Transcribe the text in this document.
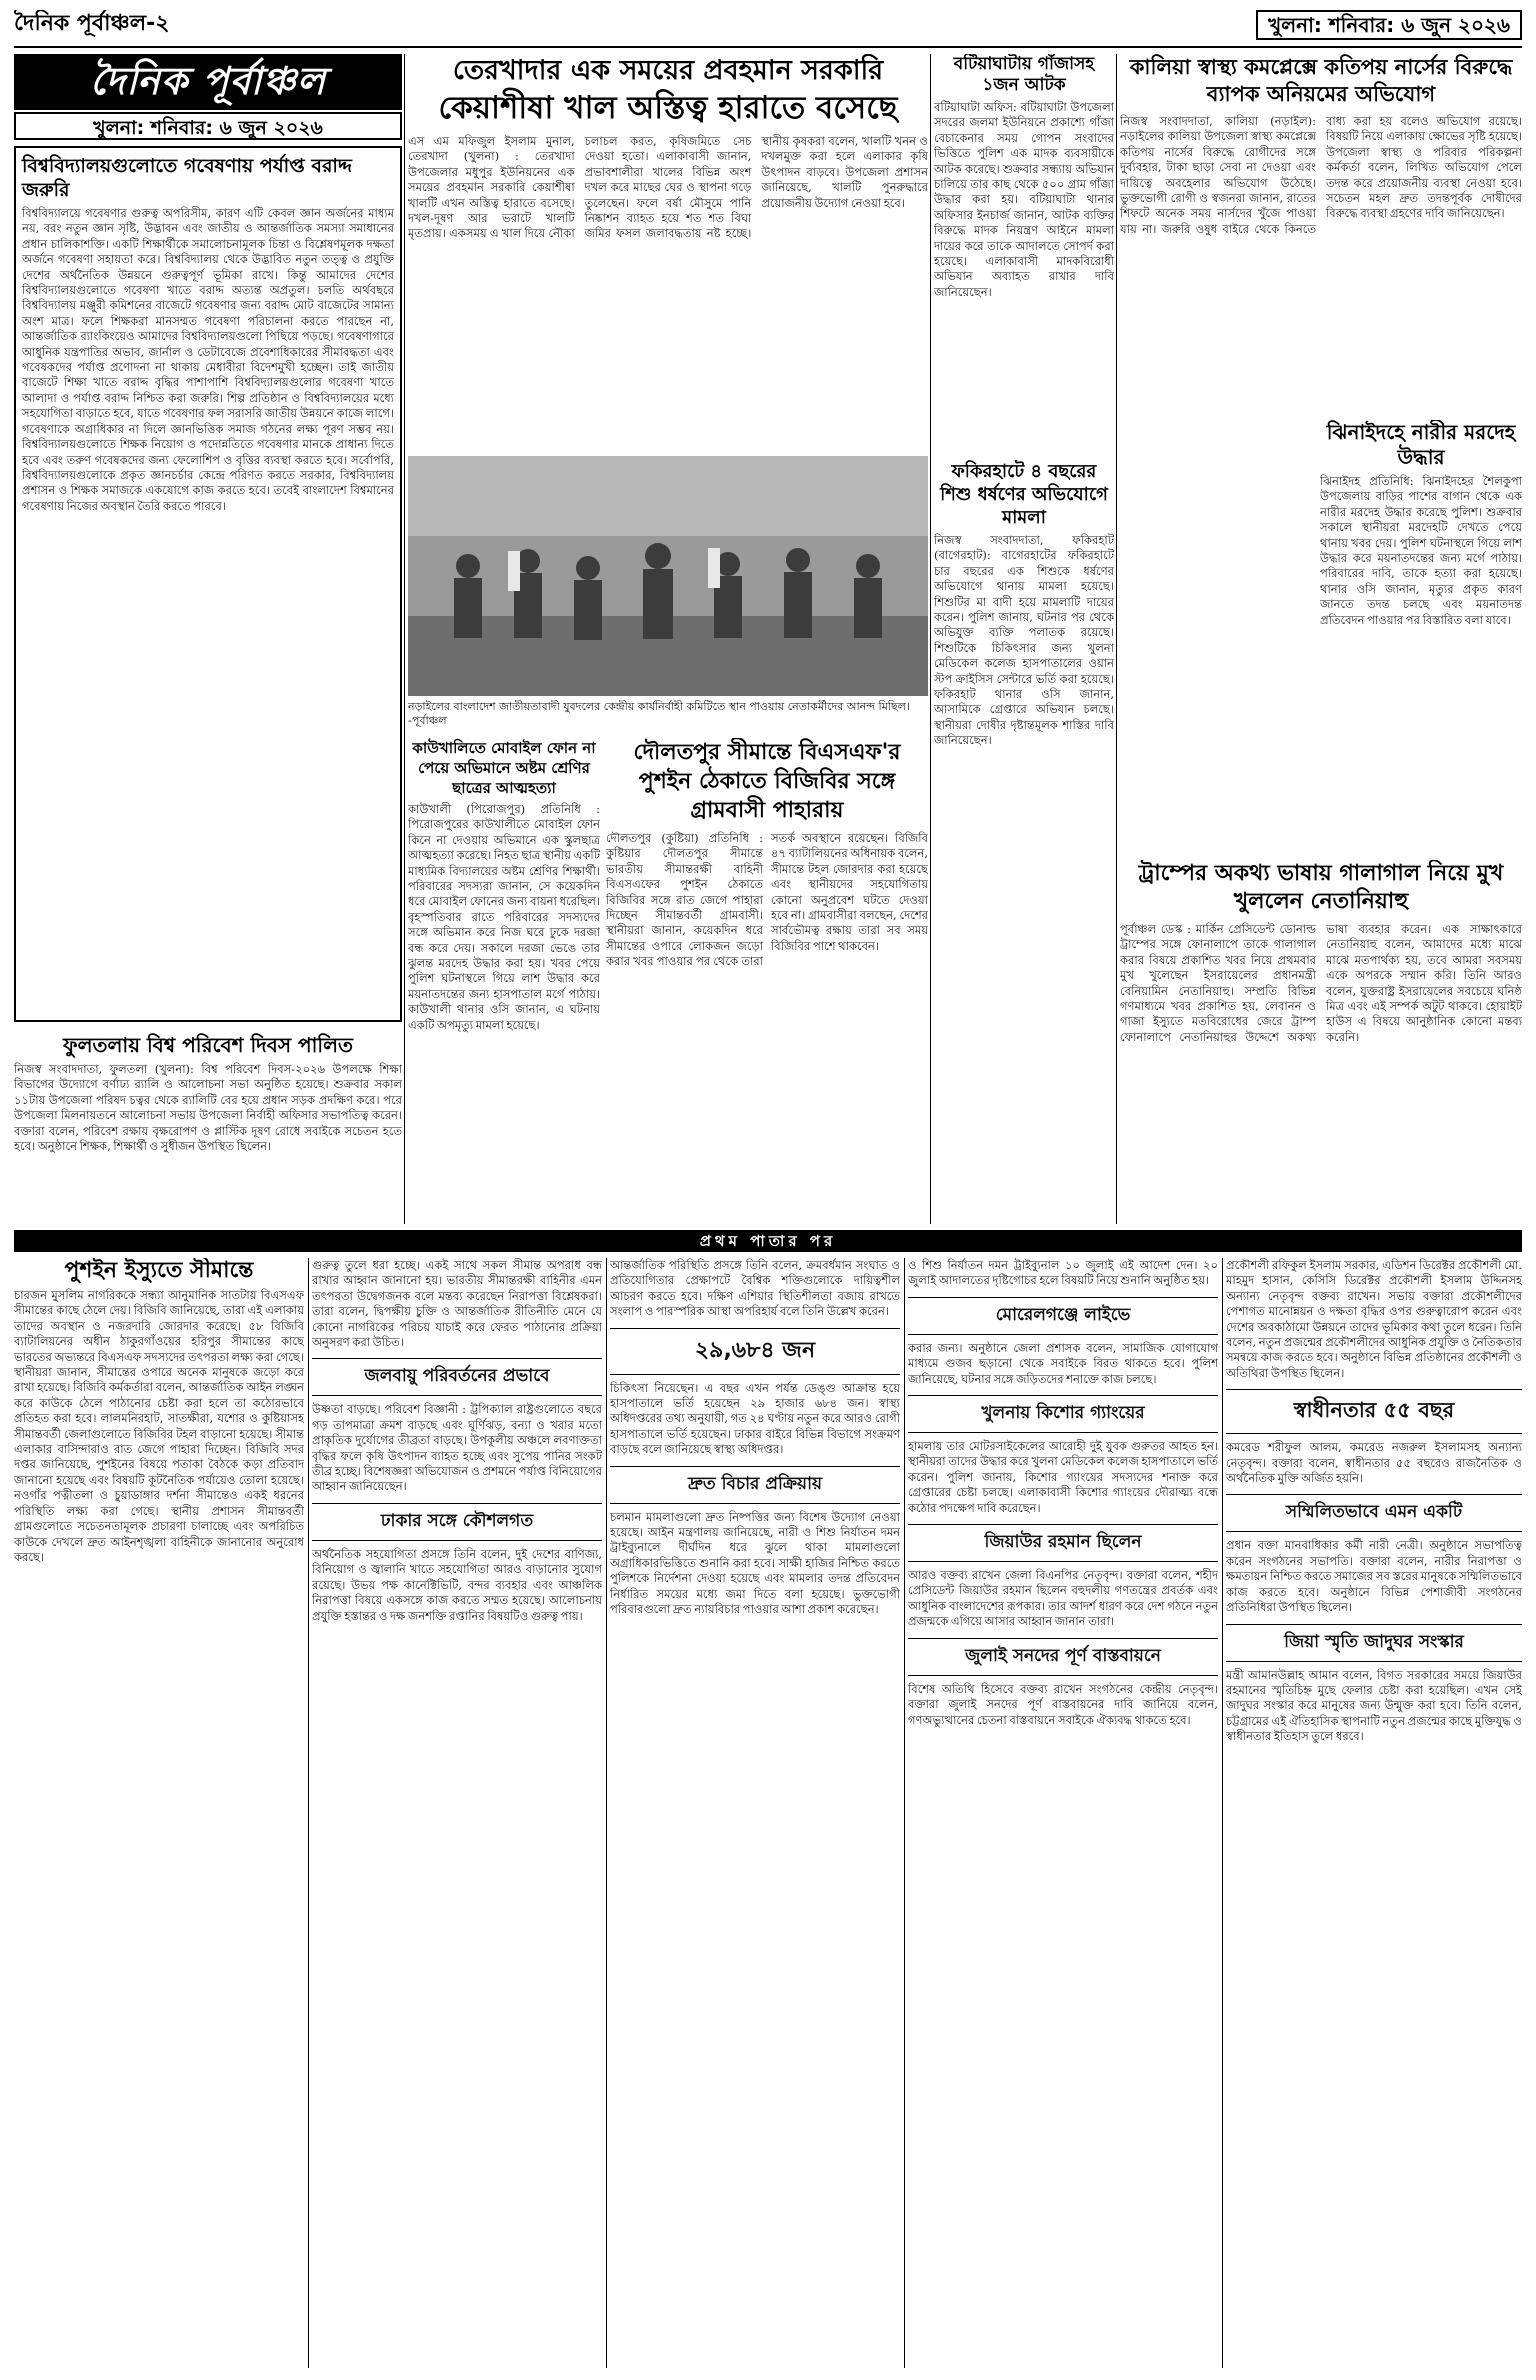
দৈনিক পূর্বাঞ্চল-২	খুলনা: শনিবার: ৬ জুন ২০২৬
দৈনিক পূর্বাঞ্চল
খুলনা: শনিবার: ৬ জুন ২০২৬
বিশ্ববিদ্যালয়গুলোতে গবেষণায় পর্যাপ্ত বরাদ্দ জরুরি
বিশ্ববিদ্যালয়ে গবেষণার গুরুত্ব অপরিসীম, কারণ এটি কেবল জ্ঞান অর্জনের মাধ্যম নয়, বরং নতুন জ্ঞান সৃষ্টি, উদ্ভাবন এবং জাতীয় ও আন্তর্জাতিক সমস্যা সমাধানের প্রধান চালিকাশক্তি। একটি শিক্ষার্থীকে সমালোচনামূলক চিন্তা ও বিশ্লেষণমূলক দক্ষতা অর্জনে গবেষণা সহায়তা করে। বিশ্ববিদ্যালয় থেকে উদ্ভাবিত নতুন তত্ত্ব ও প্রযুক্তি দেশের অর্থনৈতিক উন্নয়নে গুরুত্বপূর্ণ ভূমিকা রাখে। কিন্তু আমাদের দেশের বিশ্ববিদ্যালয়গুলোতে গবেষণা খাতে বরাদ্দ অত্যন্ত অপ্রতুল। চলতি অর্থবছরে বিশ্ববিদ্যালয় মঞ্জুরী কমিশনের বাজেটে গবেষণার জন্য বরাদ্দ মোট বাজেটের সামান্য অংশ মাত্র। ফলে শিক্ষকরা মানসম্মত গবেষণা পরিচালনা করতে পারছেন না, আন্তর্জাতিক র‍্যাংকিংয়েও আমাদের বিশ্ববিদ্যালয়গুলো পিছিয়ে পড়ছে। গবেষণাগারে আধুনিক যন্ত্রপাতির অভাব, জার্নাল ও ডেটাবেজে প্রবেশাধিকারের সীমাবদ্ধতা এবং গবেষকদের পর্যাপ্ত প্রণোদনা না থাকায় মেধাবীরা বিদেশমুখী হচ্ছেন। তাই জাতীয় বাজেটে শিক্ষা খাতে বরাদ্দ বৃদ্ধির পাশাপাশি বিশ্ববিদ্যালয়গুলোর গবেষণা খাতে আলাদা ও পর্যাপ্ত বরাদ্দ নিশ্চিত করা জরুরি। শিল্প প্রতিষ্ঠান ও বিশ্ববিদ্যালয়ের মধ্যে সহযোগিতা বাড়াতে হবে, যাতে গবেষণার ফল সরাসরি জাতীয় উন্নয়নে কাজে লাগে। গবেষণাকে অগ্রাধিকার না দিলে জ্ঞানভিত্তিক সমাজ গঠনের লক্ষ্য পূরণ সম্ভব নয়। বিশ্ববিদ্যালয়গুলোতে শিক্ষক নিয়োগ ও পদোন্নতিতে গবেষণার মানকে প্রাধান্য দিতে হবে এবং তরুণ গবেষকদের জন্য ফেলোশিপ ও বৃত্তির ব্যবস্থা করতে হবে। সর্বোপরি, বিশ্ববিদ্যালয়গুলোকে প্রকৃত জ্ঞানচর্চার কেন্দ্রে পরিণত করতে সরকার, বিশ্ববিদ্যালয় প্রশাসন ও শিক্ষক সমাজকে একযোগে কাজ করতে হবে। তবেই বাংলাদেশ বিশ্বমানের গবেষণায় নিজের অবস্থান তৈরি করতে পারবে।
ফুলতলায় বিশ্ব পরিবেশ দিবস পালিত
নিজস্ব সংবাদদাতা, ফুলতলা (খুলনা): বিশ্ব পরিবেশ দিবস-২০২৬ উপলক্ষে শিক্ষা বিভাগের উদ্যোগে বর্ণাঢ্য র‍্যালি ও আলোচনা সভা অনুষ্ঠিত হয়েছে। শুক্রবার সকাল ১১টায় উপজেলা পরিষদ চত্বর থেকে র‍্যালিটি বের হয়ে প্রধান সড়ক প্রদক্ষিণ করে। পরে উপজেলা মিলনায়তনে আলোচনা সভায় উপজেলা নির্বাহী অফিসার সভাপতিত্ব করেন। বক্তারা বলেন, পরিবেশ রক্ষায় বৃক্ষরোপণ ও প্লাস্টিক দূষণ রোধে সবাইকে সচেতন হতে হবে। অনুষ্ঠানে শিক্ষক, শিক্ষার্থী ও সুধীজন উপস্থিত ছিলেন।
তেরখাদার এক সময়ের প্রবহমান সরকারি
কেয়াশীষা খাল অস্তিত্ব হারাতে বসেছে
এস এম মফিজুল ইসলাম মুনাল, তেরখাদা (খুলনা) : তেরখাদা উপজেলার মধুপুর ইউনিয়নের এক সময়ের প্রবহমান সরকারি কেয়াশীষা খালটি এখন অস্তিত্ব হারাতে বসেছে। দখল-দূষণ আর ভরাটে খালটি মৃতপ্রায়। একসময় এ খাল দিয়ে নৌকা চলাচল করত, কৃষিজমিতে সেচ দেওয়া হতো। এলাকাবাসী জানান, প্রভাবশালীরা খালের বিভিন্ন অংশ দখল করে মাছের ঘের ও স্থাপনা গড়ে তুলেছেন। ফলে বর্ষা মৌসুমে পানি নিষ্কাশন ব্যাহত হয়ে শত শত বিঘা জমির ফসল জলাবদ্ধতায় নষ্ট হচ্ছে। স্থানীয় কৃষকরা বলেন, খালটি খনন ও দখলমুক্ত করা হলে এলাকার কৃষি উৎপাদন বাড়বে। উপজেলা প্রশাসন জানিয়েছে, খালটি পুনরুদ্ধারে প্রয়োজনীয় উদ্যোগ নেওয়া হবে।
নড়াইলের বাংলাদেশ জাতীয়তাবাদী যুবদলের কেন্দ্রীয় কার্যনির্বাহী কমিটিতে স্থান পাওয়ায় নেতাকর্মীদের আনন্দ মিছিল। -পূর্বাঞ্চল
কাউখালিতে মোবাইল ফোন না পেয়ে অভিমানে অষ্টম শ্রেণির ছাত্রের আত্মহত্যা
কাউখালী (পিরোজপুর) প্রতিনিধি : পিরোজপুরের কাউখালীতে মোবাইল ফোন কিনে না দেওয়ায় অভিমানে এক স্কুলছাত্র আত্মহত্যা করেছে। নিহত ছাত্র স্থানীয় একটি মাধ্যমিক বিদ্যালয়ের অষ্টম শ্রেণির শিক্ষার্থী। পরিবারের সদস্যরা জানান, সে কয়েকদিন ধরে মোবাইল ফোনের জন্য বায়না ধরেছিল। বৃহস্পতিবার রাতে পরিবারের সদস্যদের সঙ্গে অভিমান করে নিজ ঘরে ঢুকে দরজা বন্ধ করে দেয়। সকালে দরজা ভেঙে তার ঝুলন্ত মরদেহ উদ্ধার করা হয়। খবর পেয়ে পুলিশ ঘটনাস্থলে গিয়ে লাশ উদ্ধার করে ময়নাতদন্তের জন্য হাসপাতাল মর্গে পাঠায়। কাউখালী থানার ওসি জানান, এ ঘটনায় একটি অপমৃত্যু মামলা হয়েছে।
দৌলতপুর সীমান্তে বিএসএফ'র পুশইন ঠেকাতে বিজিবির সঙ্গে গ্রামবাসী পাহারায়
দৌলতপুর (কুষ্টিয়া) প্রতিনিধি : কুষ্টিয়ার দৌলতপুর সীমান্তে ভারতীয় সীমান্তরক্ষী বাহিনী বিএসএফের পুশইন ঠেকাতে বিজিবির সঙ্গে রাত জেগে পাহারা দিচ্ছেন সীমান্তবর্তী গ্রামবাসী। স্থানীয়রা জানান, কয়েকদিন ধরে সীমান্তের ওপারে লোকজন জড়ো করার খবর পাওয়ার পর থেকে তারা সতর্ক অবস্থানে রয়েছেন। বিজিবি ৪৭ ব্যাটালিয়নের অধিনায়ক বলেন, সীমান্তে টহল জোরদার করা হয়েছে এবং স্থানীয়দের সহযোগিতায় কোনো অনুপ্রবেশ ঘটতে দেওয়া হবে না। গ্রামবাসীরা বলছেন, দেশের সার্বভৌমত্ব রক্ষায় তারা সব সময় বিজিবির পাশে থাকবেন।
বটিয়াঘাটায় গাঁজাসহ ১জন আটক
বটিয়াঘাটা অফিস: বটিয়াঘাটা উপজেলা সদরের জলমা ইউনিয়নে প্রকাশ্যে গাঁজা বেচাকেনার সময় গোপন সংবাদের ভিত্তিতে পুলিশ এক মাদক ব্যবসায়ীকে আটক করেছে। শুক্রবার সন্ধ্যায় অভিযান চালিয়ে তার কাছ থেকে ৫০০ গ্রাম গাঁজা উদ্ধার করা হয়। বটিয়াঘাটা থানার অফিসার ইনচার্জ জানান, আটক ব্যক্তির বিরুদ্ধে মাদক নিয়ন্ত্রণ আইনে মামলা দায়ের করে তাকে আদালতে সোপর্দ করা হয়েছে। এলাকাবাসী মাদকবিরোধী অভিযান অব্যাহত রাখার দাবি জানিয়েছেন।
ফকিরহাটে ৪ বছরের শিশু ধর্ষণের অভিযোগে মামলা
নিজস্ব সংবাদদাতা, ফকিরহাট (বাগেরহাট): বাগেরহাটের ফকিরহাটে চার বছরের এক শিশুকে ধর্ষণের অভিযোগে থানায় মামলা হয়েছে। শিশুটির মা বাদী হয়ে মামলাটি দায়ের করেন। পুলিশ জানায়, ঘটনার পর থেকে অভিযুক্ত ব্যক্তি পলাতক রয়েছে। শিশুটিকে চিকিৎসার জন্য খুলনা মেডিকেল কলেজ হাসপাতালের ওয়ান স্টপ ক্রাইসিস সেন্টারে ভর্তি করা হয়েছে। ফকিরহাট থানার ওসি জানান, আসামিকে গ্রেপ্তারে অভিযান চলছে। স্থানীয়রা দোষীর দৃষ্টান্তমূলক শাস্তির দাবি জানিয়েছেন।
কালিয়া স্বাস্থ্য কমপ্লেক্সে কতিপয় নার্সের বিরুদ্ধে ব্যাপক অনিয়মের অভিযোগ
নিজস্ব সংবাদদাতা, কালিয়া (নড়াইল): নড়াইলের কালিয়া উপজেলা স্বাস্থ্য কমপ্লেক্সে কতিপয় নার্সের বিরুদ্ধে রোগীদের সঙ্গে দুর্ব্যবহার, টাকা ছাড়া সেবা না দেওয়া এবং দায়িত্বে অবহেলার অভিযোগ উঠেছে। ভুক্তভোগী রোগী ও স্বজনরা জানান, রাতের শিফটে অনেক সময় নার্সদের খুঁজে পাওয়া যায় না। জরুরি ওষুধ বাইরে থেকে কিনতে বাধ্য করা হয় বলেও অভিযোগ রয়েছে। বিষয়টি নিয়ে এলাকায় ক্ষোভের সৃষ্টি হয়েছে। উপজেলা স্বাস্থ্য ও পরিবার পরিকল্পনা কর্মকর্তা বলেন, লিখিত অভিযোগ পেলে তদন্ত করে প্রয়োজনীয় ব্যবস্থা নেওয়া হবে। সচেতন মহল দ্রুত তদন্তপূর্বক দোষীদের বিরুদ্ধে ব্যবস্থা গ্রহণের দাবি জানিয়েছেন।
ঝিনাইদহে নারীর মরদেহ উদ্ধার
ঝিনাইদহ প্রতিনিধি: ঝিনাইদহের শৈলকুপা উপজেলায় বাড়ির পাশের বাগান থেকে এক নারীর মরদেহ উদ্ধার করেছে পুলিশ। শুক্রবার সকালে স্থানীয়রা মরদেহটি দেখতে পেয়ে থানায় খবর দেয়। পুলিশ ঘটনাস্থলে গিয়ে লাশ উদ্ধার করে ময়নাতদন্তের জন্য মর্গে পাঠায়। পরিবারের দাবি, তাকে হত্যা করা হয়েছে। থানার ওসি জানান, মৃত্যুর প্রকৃত কারণ জানতে তদন্ত চলছে এবং ময়নাতদন্ত প্রতিবেদন পাওয়ার পর বিস্তারিত বলা যাবে।
ট্রাম্পের অকথ্য ভাষায় গালাগাল নিয়ে মুখ খুললেন নেতানিয়াহু
পূর্বাঞ্চল ডেস্ক : মার্কিন প্রেসিডেন্ট ডোনাল্ড ট্রাম্পের সঙ্গে ফোনালাপে তাকে গালাগাল করার বিষয়ে প্রকাশিত খবর নিয়ে প্রথমবার মুখ খুলেছেন ইসরায়েলের প্রধানমন্ত্রী বেনিয়ামিন নেতানিয়াহু। সম্প্রতি বিভিন্ন গণমাধ্যমে খবর প্রকাশিত হয়, লেবানন ও গাজা ইস্যুতে মতবিরোধের জেরে ট্রাম্প ফোনালাপে নেতানিয়াহুর উদ্দেশে অকথ্য ভাষা ব্যবহার করেন। এক সাক্ষাৎকারে নেতানিয়াহু বলেন, আমাদের মধ্যে মাঝে মাঝে মতপার্থক্য হয়, তবে আমরা সবসময় একে অপরকে সম্মান করি। তিনি আরও বলেন, যুক্তরাষ্ট্র ইসরায়েলের সবচেয়ে ঘনিষ্ঠ মিত্র এবং এই সম্পর্ক অটুট থাকবে। হোয়াইট হাউস এ বিষয়ে আনুষ্ঠানিক কোনো মন্তব্য করেনি।
প্রথম পাতার পর
পুশইন ইস্যুতে সীমান্তে
চারজন মুসলিম নাগরিককে সন্ধ্যা আনুমানিক সাতটায় বিএসএফ সীমান্তের কাছে ঠেলে দেয়। বিজিবি জানিয়েছে, তারা এই এলাকায় তাদের অবস্থান ও নজরদারি জোরদার করেছে। ৫৮ বিজিবি ব্যাটালিয়নের অধীন ঠাকুরগাঁওয়ের হরিপুর সীমান্তের কাছে ভারতের অভ্যন্তরে বিএসএফ সদস্যদের তৎপরতা লক্ষ্য করা গেছে। স্থানীয়রা জানান, সীমান্তের ওপারে অনেক মানুষকে জড়ো করে রাখা হয়েছে। বিজিবি কর্মকর্তারা বলেন, আন্তর্জাতিক আইন লঙ্ঘন করে কাউকে ঠেলে পাঠানোর চেষ্টা করা হলে তা কঠোরভাবে প্রতিহত করা হবে। লালমনিরহাট, সাতক্ষীরা, যশোর ও কুষ্টিয়াসহ সীমান্তবর্তী জেলাগুলোতে বিজিবির টহল বাড়ানো হয়েছে। সীমান্ত এলাকার বাসিন্দারাও রাত জেগে পাহারা দিচ্ছেন। বিজিবি সদর দপ্তর জানিয়েছে, পুশইনের বিষয়ে পতাকা বৈঠকে কড়া প্রতিবাদ জানানো হয়েছে এবং বিষয়টি কূটনৈতিক পর্যায়েও তোলা হয়েছে। নওগাঁর পত্নীতলা ও চুয়াডাঙ্গার দর্শনা সীমান্তেও একই ধরনের পরিস্থিতি লক্ষ্য করা গেছে। স্থানীয় প্রশাসন সীমান্তবর্তী গ্রামগুলোতে সচেতনতামূলক প্রচারণা চালাচ্ছে এবং অপরিচিত কাউকে দেখলে দ্রুত আইনশৃঙ্খলা বাহিনীকে জানানোর অনুরোধ করছে।
গুরুত্ব তুলে ধরা হচ্ছে। একই সাথে সকল সীমান্ত অপরাধ বন্ধ রাখার আহ্বান জানানো হয়। ভারতীয় সীমান্তরক্ষী বাহিনীর এমন তৎপরতা উদ্বেগজনক বলে মন্তব্য করেছেন নিরাপত্তা বিশ্লেষকরা। তারা বলেন, দ্বিপক্ষীয় চুক্তি ও আন্তর্জাতিক রীতিনীতি মেনে যে কোনো নাগরিকের পরিচয় যাচাই করে ফেরত পাঠানোর প্রক্রিয়া অনুসরণ করা উচিত।
জলবায়ু পরিবর্তনের প্রভাবে
উষ্ণতা বাড়ছে। পরিবেশ বিজ্ঞানী : ট্রপিক্যাল রাষ্ট্রগুলোতে বছরে গড় তাপমাত্রা ক্রমশ বাড়ছে এবং ঘূর্ণিঝড়, বন্যা ও খরার মতো প্রাকৃতিক দুর্যোগের তীব্রতা বাড়ছে। উপকূলীয় অঞ্চলে লবণাক্ততা বৃদ্ধির ফলে কৃষি উৎপাদন ব্যাহত হচ্ছে এবং সুপেয় পানির সংকট তীব্র হচ্ছে। বিশেষজ্ঞরা অভিযোজন ও প্রশমনে পর্যাপ্ত বিনিয়োগের আহ্বান জানিয়েছেন।
ঢাকার সঙ্গে কৌশলগত
অর্থনৈতিক সহযোগিতা প্রসঙ্গে তিনি বলেন, দুই দেশের বাণিজ্য, বিনিয়োগ ও জ্বালানি খাতে সহযোগিতা আরও বাড়ানোর সুযোগ রয়েছে। উভয় পক্ষ কানেক্টিভিটি, বন্দর ব্যবহার এবং আঞ্চলিক নিরাপত্তা বিষয়ে একসঙ্গে কাজ করতে সম্মত হয়েছে। আলোচনায় প্রযুক্তি হস্তান্তর ও দক্ষ জনশক্তি রপ্তানির বিষয়টিও গুরুত্ব পায়।
আন্তর্জাতিক পরিস্থিতি প্রসঙ্গে তিনি বলেন, ক্রমবর্ধমান সংঘাত ও প্রতিযোগিতার প্রেক্ষাপটে বৈশ্বিক শক্তিগুলোকে দায়িত্বশীল আচরণ করতে হবে। দক্ষিণ এশিয়ার স্থিতিশীলতা বজায় রাখতে সংলাপ ও পারস্পরিক আস্থা অপরিহার্য বলে তিনি উল্লেখ করেন।
২৯,৬৮৪ জন
চিকিৎসা নিয়েছেন। এ বছর এখন পর্যন্ত ডেঙ্গু আক্রান্ত হয়ে হাসপাতালে ভর্তি হয়েছেন ২৯ হাজার ৬৮৪ জন। স্বাস্থ্য অধিদপ্তরের তথ্য অনুযায়ী, গত ২৪ ঘণ্টায় নতুন করে আরও রোগী হাসপাতালে ভর্তি হয়েছেন। ঢাকার বাইরে বিভিন্ন বিভাগে সংক্রমণ বাড়ছে বলে জানিয়েছে স্বাস্থ্য অধিদপ্তর।
দ্রুত বিচার প্রক্রিয়ায়
চলমান মামলাগুলো দ্রুত নিষ্পত্তির জন্য বিশেষ উদ্যোগ নেওয়া হয়েছে। আইন মন্ত্রণালয় জানিয়েছে, নারী ও শিশু নির্যাতন দমন ট্রাইব্যুনালে দীর্ঘদিন ধরে ঝুলে থাকা মামলাগুলো অগ্রাধিকারভিত্তিতে শুনানি করা হবে। সাক্ষী হাজির নিশ্চিত করতে পুলিশকে নির্দেশনা দেওয়া হয়েছে এবং মামলার তদন্ত প্রতিবেদন নির্ধারিত সময়ের মধ্যে জমা দিতে বলা হয়েছে। ভুক্তভোগী পরিবারগুলো দ্রুত ন্যায়বিচার পাওয়ার আশা প্রকাশ করেছেন।
ও শিশু নির্যাতন দমন ট্রাইব্যুনাল ১০ জুলাই এই আদেশ দেন। ২০ জুলাই আদালতের দৃষ্টিগোচর হলে বিষয়টি নিয়ে শুনানি অনুষ্ঠিত হয়।
মোরেলগঞ্জে লাইভে
করার জন্য। অনুষ্ঠানে জেলা প্রশাসক বলেন, সামাজিক যোগাযোগ মাধ্যমে গুজব ছড়ানো থেকে সবাইকে বিরত থাকতে হবে। পুলিশ জানিয়েছে, ঘটনার সঙ্গে জড়িতদের শনাক্তে কাজ চলছে।
খুলনায় কিশোর গ্যাংয়ের
হামলায় তার মোটরসাইকেলের আরোহী দুই যুবক গুরুতর আহত হন। স্থানীয়রা তাদের উদ্ধার করে খুলনা মেডিকেল কলেজ হাসপাতালে ভর্তি করেন। পুলিশ জানায়, কিশোর গ্যাংয়ের সদস্যদের শনাক্ত করে গ্রেপ্তারের চেষ্টা চলছে। এলাকাবাসী কিশোর গ্যাংয়ের দৌরাত্ম্য বন্ধে কঠোর পদক্ষেপ দাবি করেছেন।
জিয়াউর রহমান ছিলেন
আরও বক্তব্য রাখেন জেলা বিএনপির নেতৃবৃন্দ। বক্তারা বলেন, শহীদ প্রেসিডেন্ট জিয়াউর রহমান ছিলেন বহুদলীয় গণতন্ত্রের প্রবর্তক এবং আধুনিক বাংলাদেশের রূপকার। তার আদর্শ ধারণ করে দেশ গঠনে নতুন প্রজন্মকে এগিয়ে আসার আহ্বান জানান তারা।
জুলাই সনদের পূর্ণ বাস্তবায়নে
বিশেষ অতিথি হিসেবে বক্তব্য রাখেন সংগঠনের কেন্দ্রীয় নেতৃবৃন্দ। বক্তারা জুলাই সনদের পূর্ণ বাস্তবায়নের দাবি জানিয়ে বলেন, গণঅভ্যুত্থানের চেতনা বাস্তবায়নে সবাইকে ঐক্যবদ্ধ থাকতে হবে।
প্রকৌশলী রফিকুল ইসলাম সরকার, এডিশন ডিরেক্টর প্রকৌশলী মো. মাহমুদ হাসান, কেসিসি ডিরেক্টর প্রকৌশলী ইসলাম উদ্দিনসহ অন্যান্য নেতৃবৃন্দ বক্তব্য রাখেন। সভায় বক্তারা প্রকৌশলীদের পেশাগত মানোন্নয়ন ও দক্ষতা বৃদ্ধির ওপর গুরুত্বারোপ করেন এবং দেশের অবকাঠামো উন্নয়নে তাদের ভূমিকার কথা তুলে ধরেন। তিনি বলেন, নতুন প্রজন্মের প্রকৌশলীদের আধুনিক প্রযুক্তি ও নৈতিকতার সমন্বয়ে কাজ করতে হবে। অনুষ্ঠানে বিভিন্ন প্রতিষ্ঠানের প্রকৌশলী ও অতিথিরা উপস্থিত ছিলেন।
স্বাধীনতার ৫৫ বছর
কমরেড শরীফুল আলম, কমরেড নজরুল ইসলামসহ অন্যান্য নেতৃবৃন্দ। বক্তারা বলেন, স্বাধীনতার ৫৫ বছরেও রাজনৈতিক ও অর্থনৈতিক মুক্তি অর্জিত হয়নি।
সম্মিলিতভাবে এমন একটি
প্রধান বক্তা মানবাধিকার কর্মী নারী নেত্রী। অনুষ্ঠানে সভাপতিত্ব করেন সংগঠনের সভাপতি। বক্তারা বলেন, নারীর নিরাপত্তা ও ক্ষমতায়ন নিশ্চিত করতে সমাজের সব স্তরের মানুষকে সম্মিলিতভাবে কাজ করতে হবে। অনুষ্ঠানে বিভিন্ন পেশাজীবী সংগঠনের প্রতিনিধিরা উপস্থিত ছিলেন।
জিয়া স্মৃতি জাদুঘর সংস্কার
মন্ত্রী আমানউল্লাহ আমান বলেন, বিগত সরকারের সময়ে জিয়াউর রহমানের স্মৃতিচিহ্ন মুছে ফেলার চেষ্টা করা হয়েছিল। এখন সেই জাদুঘর সংস্কার করে মানুষের জন্য উন্মুক্ত করা হবে। তিনি বলেন, চট্টগ্রামের এই ঐতিহাসিক স্থাপনাটি নতুন প্রজন্মের কাছে মুক্তিযুদ্ধ ও স্বাধীনতার ইতিহাস তুলে ধরবে।
